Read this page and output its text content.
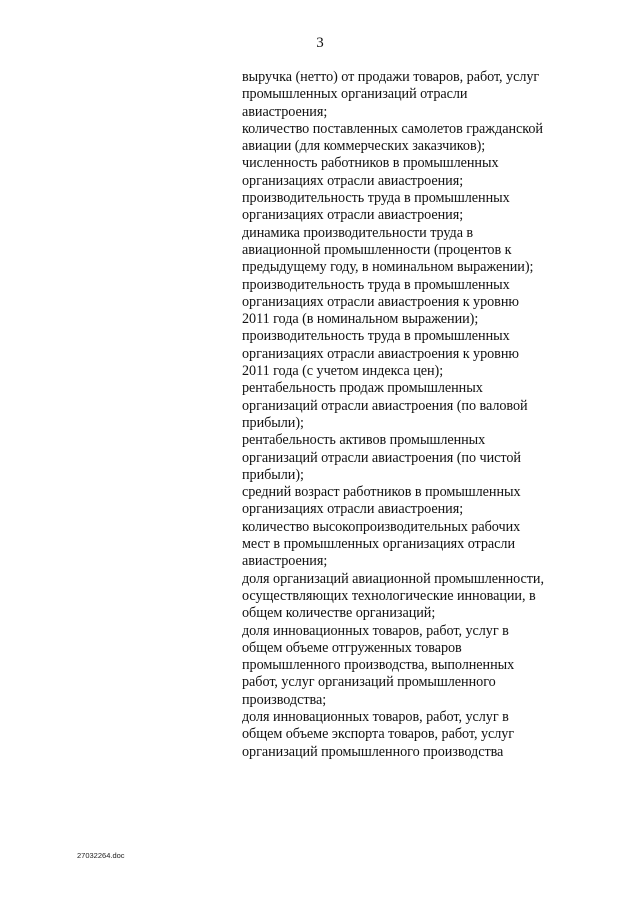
3
выручка (нетто) от продажи товаров, работ, услуг
промышленных организаций отрасли
авиастроения;
количество поставленных самолетов гражданской
авиации (для коммерческих заказчиков);
численность работников в промышленных
организациях отрасли авиастроения;
производительность труда в промышленных
организациях отрасли авиастроения;
динамика производительности труда в
авиационной промышленности (процентов к
предыдущему году, в номинальном выражении);
производительность труда в промышленных
организациях отрасли авиастроения к уровню
2011 года (в номинальном выражении);
производительность труда в промышленных
организациях отрасли авиастроения к уровню
2011 года (с учетом индекса цен);
рентабельность продаж промышленных
организаций отрасли авиастроения (по валовой
прибыли);
рентабельность активов промышленных
организаций отрасли авиастроения (по чистой
прибыли);
средний возраст работников в промышленных
организациях отрасли авиастроения;
количество высокопроизводительных рабочих
мест в промышленных организациях отрасли
авиастроения;
доля организаций авиационной промышленности,
осуществляющих технологические инновации, в
общем количестве организаций;
доля инновационных товаров, работ, услуг в
общем объеме отгруженных товаров
промышленного производства, выполненных
работ, услуг организаций промышленного
производства;
доля инновационных товаров, работ, услуг в
общем объеме экспорта товаров, работ, услуг
организаций промышленного производства
27032264.doc
